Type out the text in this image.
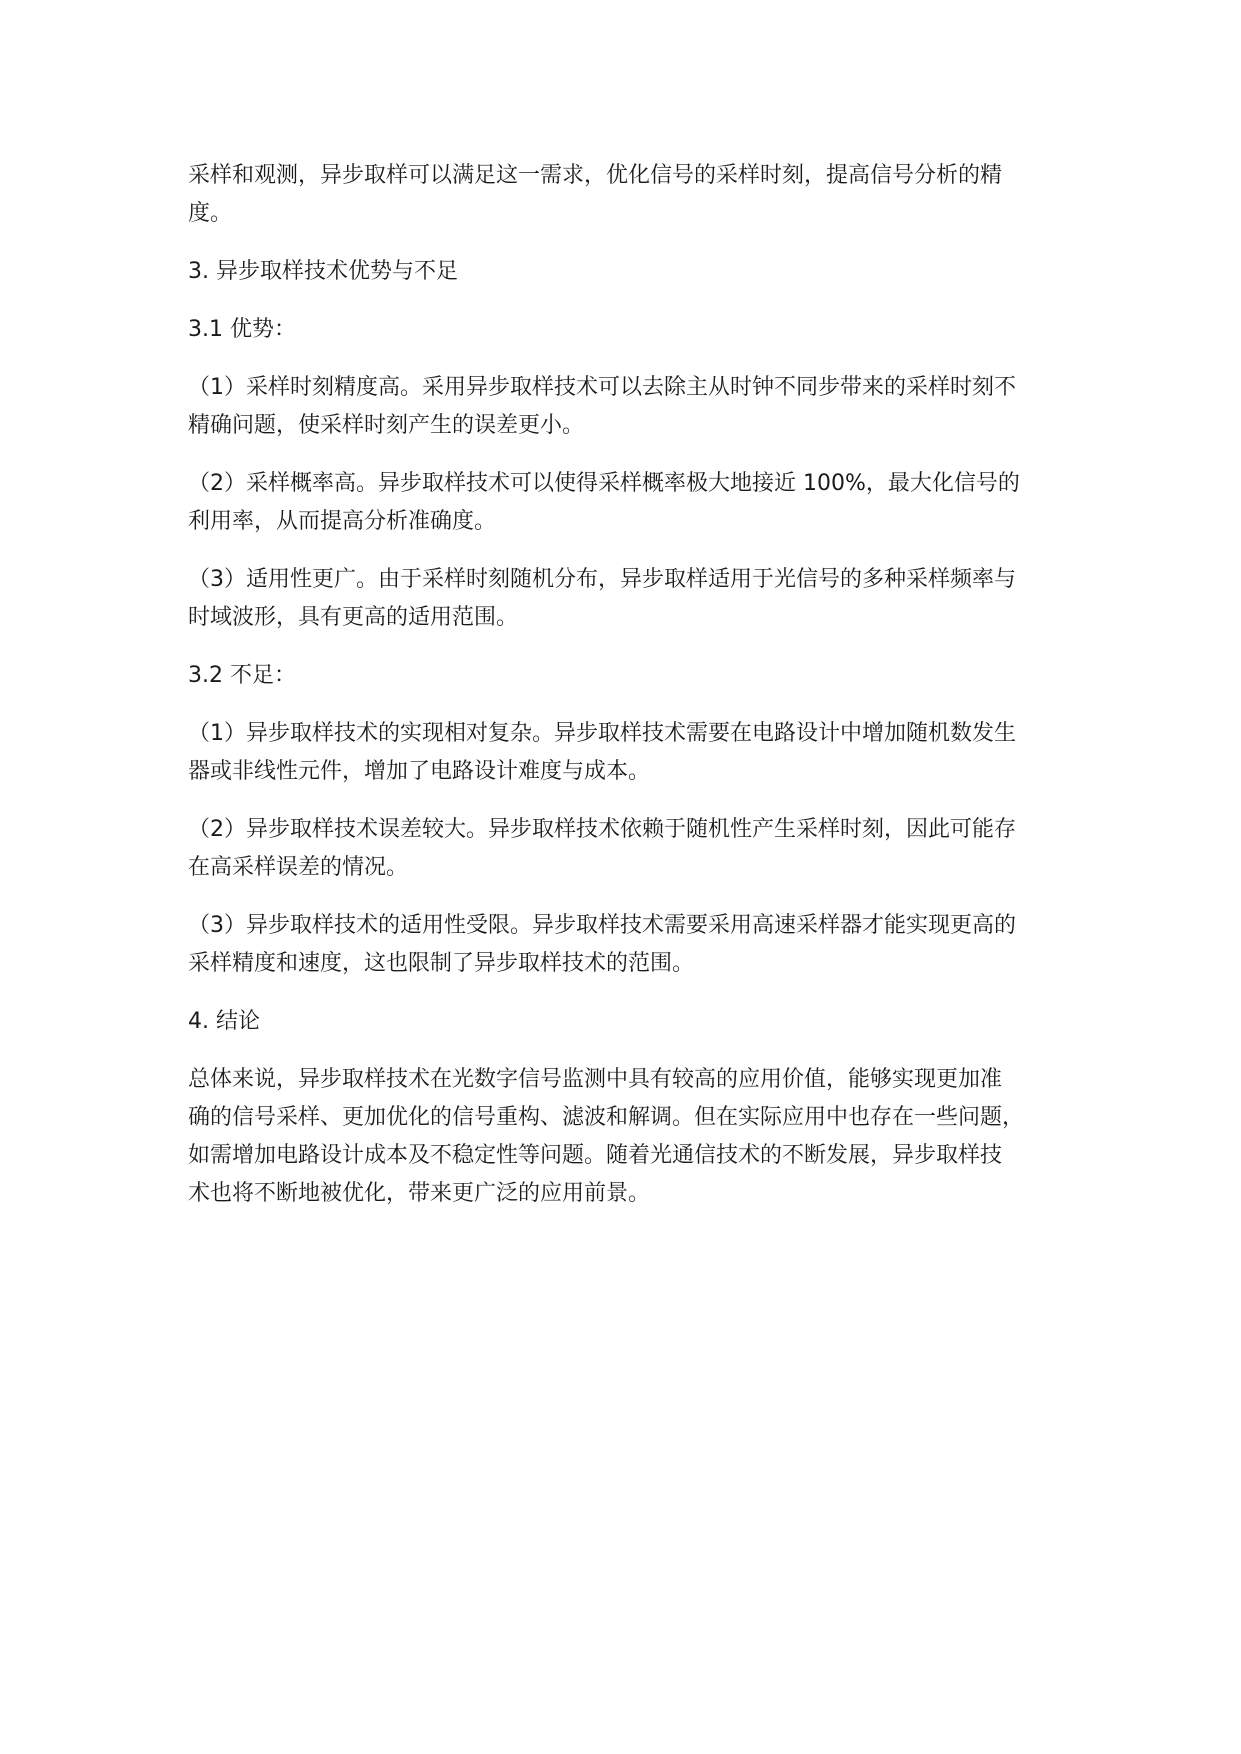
采样和观测，异步取样可以满足这一需求，优化信号的采样时刻，提高信号分析的精
度。
3. 异步取样技术优势与不足
3.1 优势：
（1）采样时刻精度高。采用异步取样技术可以去除主从时钟不同步带来的采样时刻不
精确问题，使采样时刻产生的误差更小。
（2）采样概率高。异步取样技术可以使得采样概率极大地接近 100%，最大化信号的
利用率，从而提高分析准确度。
（3）适用性更广。由于采样时刻随机分布，异步取样适用于光信号的多种采样频率与
时域波形，具有更高的适用范围。
3.2 不足：
（1）异步取样技术的实现相对复杂。异步取样技术需要在电路设计中增加随机数发生
器或非线性元件，增加了电路设计难度与成本。
（2）异步取样技术误差较大。异步取样技术依赖于随机性产生采样时刻，因此可能存
在高采样误差的情况。
（3）异步取样技术的适用性受限。异步取样技术需要采用高速采样器才能实现更高的
采样精度和速度，这也限制了异步取样技术的范围。
4. 结论
总体来说，异步取样技术在光数字信号监测中具有较高的应用价值，能够实现更加准
确的信号采样、更加优化的信号重构、滤波和解调。但在实际应用中也存在一些问题，
如需增加电路设计成本及不稳定性等问题。随着光通信技术的不断发展，异步取样技
术也将不断地被优化，带来更广泛的应用前景。
